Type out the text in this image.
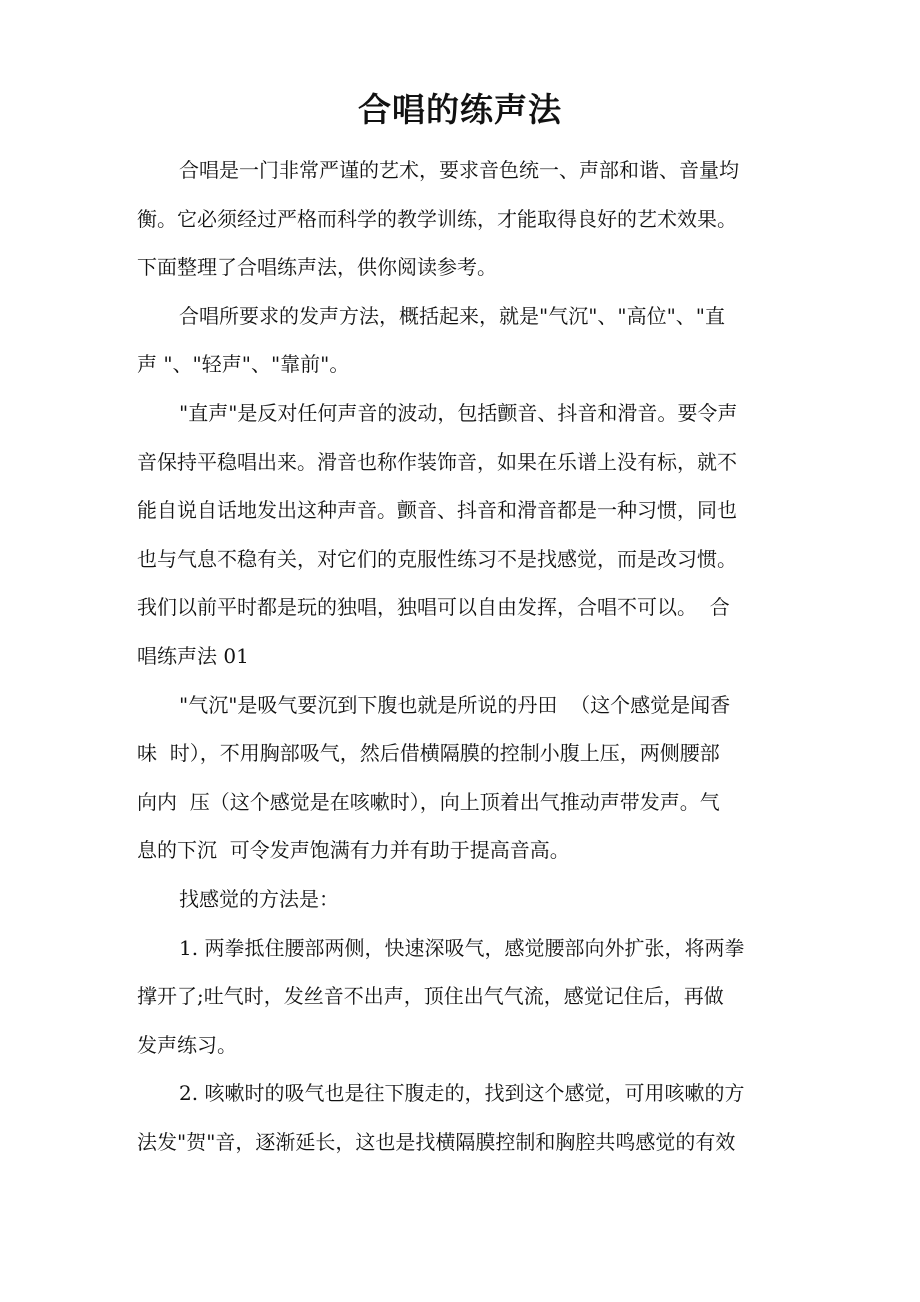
合唱的练声法
合唱是一门非常严谨的艺术，要求音色统一、声部和谐、音量均
衡。它必须经过严格而科学的教学训练，才能取得良好的艺术效果。
下面整理了合唱练声法，供你阅读参考。
合唱所要求的发声方法，概括起来，就是"气沉"、"高位"、"直
声 "、"轻声"、"靠前"。
"直声"是反对任何声音的波动，包括颤音、抖音和滑音。要令声
音保持平稳唱出来。滑音也称作装饰音，如果在乐谱上没有标，就不
能自说自话地发出这种声音。颤音、抖音和滑音都是一种习惯，同也
也与气息不稳有关，对它们的克服性练习不是找感觉，而是改习惯。
我们以前平时都是玩的独唱，独唱可以自由发挥，合唱不可以。  合
唱练声法 01
"气沉"是吸气要沉到下腹也就是所说的丹田  （这个感觉是闻香
味  时），不用胸部吸气，然后借横隔膜的控制小腹上压，两侧腰部
向内  压（这个感觉是在咳嗽时），向上顶着出气推动声带发声。气
息的下沉  可令发声饱满有力并有助于提高音高。
找感觉的方法是：
1. 两拳抵住腰部两侧，快速深吸气，感觉腰部向外扩张，将两拳
撑开了;吐气时，发丝音不出声，顶住出气气流，感觉记住后，再做
发声练习。
2. 咳嗽时的吸气也是往下腹走的，找到这个感觉，可用咳嗽的方
法发"贺"音，逐渐延长，这也是找横隔膜控制和胸腔共鸣感觉的有效
